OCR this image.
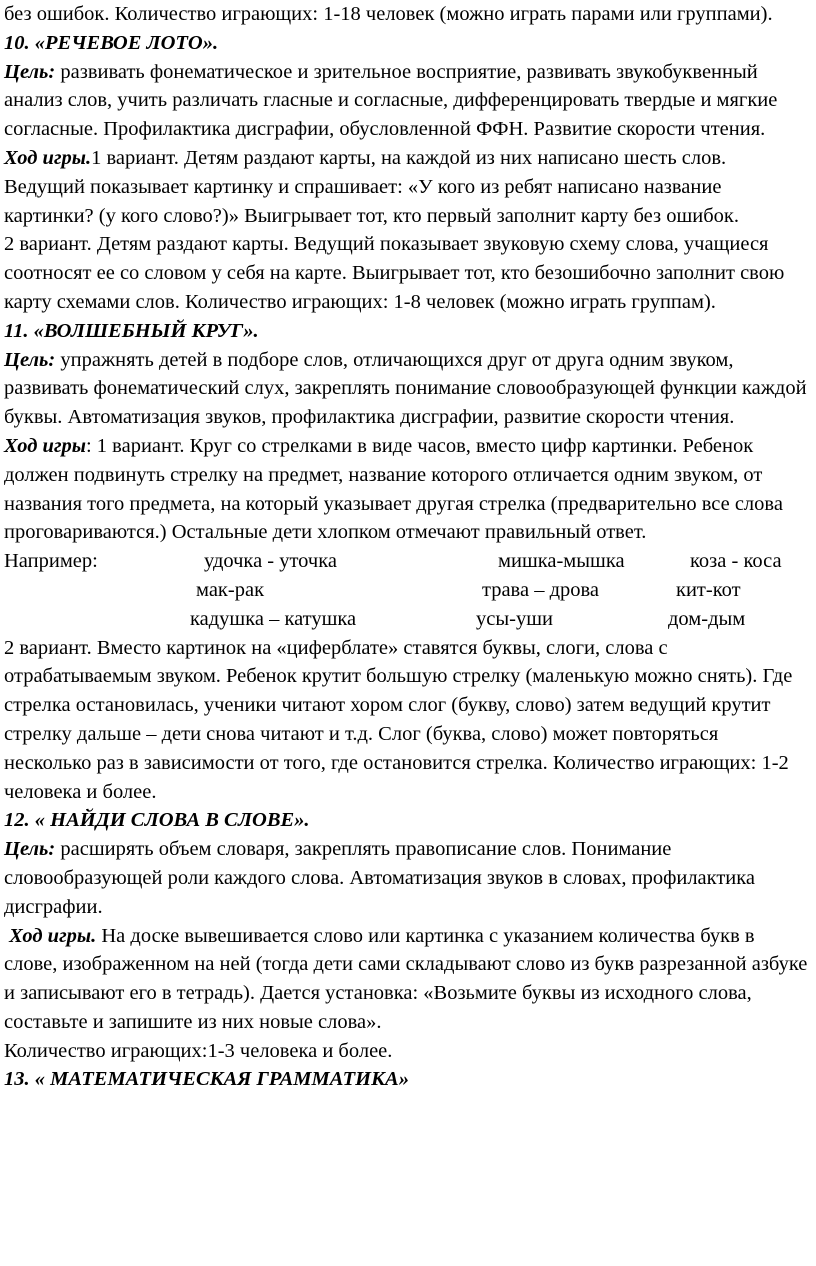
без ошибок. Количество играющих: 1-18 человек (можно играть парами или группами).

10. «РЕЧЕВОЕ ЛОТО».

Цель: развивать фонематическое и зрительное восприятие, развивать звукобуквенный анализ слов, учить различать гласные и согласные, дифференцировать твердые и мягкие согласные. Профилактика дисграфии, обусловленной ФФН. Развитие скорости чтения.

Ход игры.1 вариант. Детям раздают карты, на каждой из них написано шесть слов. Ведущий показывает картинку и спрашивает: «У кого из ребят написано название картинки? (у кого слово?)» Выигрывает тот, кто первый заполнит карту без ошибок.

2 вариант. Детям раздают карты. Ведущий показывает звуковую схему слова, учащиеся соотносят ее со словом у себя на карте. Выигрывает тот, кто безошибочно заполнит свою карту схемами слов. Количество играющих: 1-8 человек (можно играть группам).

11. «ВОЛШЕБНЫЙ КРУГ».

Цель: упражнять детей в подборе слов, отличающихся друг от друга одним звуком, развивать фонематический слух, закреплять понимание словообразующей функции каждой буквы. Автоматизация звуков, профилактика дисграфии, развитие скорости чтения.

Ход игры: 1 вариант. Круг со стрелками в виде часов, вместо цифр картинки. Ребенок должен подвинуть стрелку на предмет, название которого отличается одним звуком, от названия того предмета, на который указывает другая стрелка (предварительно все слова проговариваются.) Остальные дети хлопком отмечают правильный ответ.

Например:	удочка - уточка	мишка-мышка	коза - коса
мак-рак	трава – дрова	кит-кот
кадушка – катушка	усы-уши	дом-дым

2 вариант. Вместо картинок на «циферблате» ставятся буквы, слоги, слова с отрабатываемым звуком. Ребенок крутит большую стрелку (маленькую можно снять). Где стрелка остановилась, ученики читают хором слог (букву, слово) затем ведущий крутит стрелку дальше – дети снова читают и т.д. Слог (буква, слово) может повторяться несколько раз в зависимости от того, где остановится стрелка. Количество играющих: 1-2 человека и более.

12. « НАЙДИ СЛОВА В СЛОВЕ».

Цель: расширять объем словаря, закреплять правописание слов. Понимание словообразующей роли каждого слова. Автоматизация звуков в словах, профилактика дисграфии.

Ход игры. На доске вывешивается слово или картинка с указанием количества букв в слове, изображенном на ней (тогда дети сами складывают слово из букв разрезанной азбуке и записывают его в тетрадь). Дается установка: «Возьмите буквы из исходного слова, составьте и запишите из них новые слова».

Количество играющих:1-3 человека и более.

13. « МАТЕМАТИЧЕСКАЯ ГРАММАТИКА»
